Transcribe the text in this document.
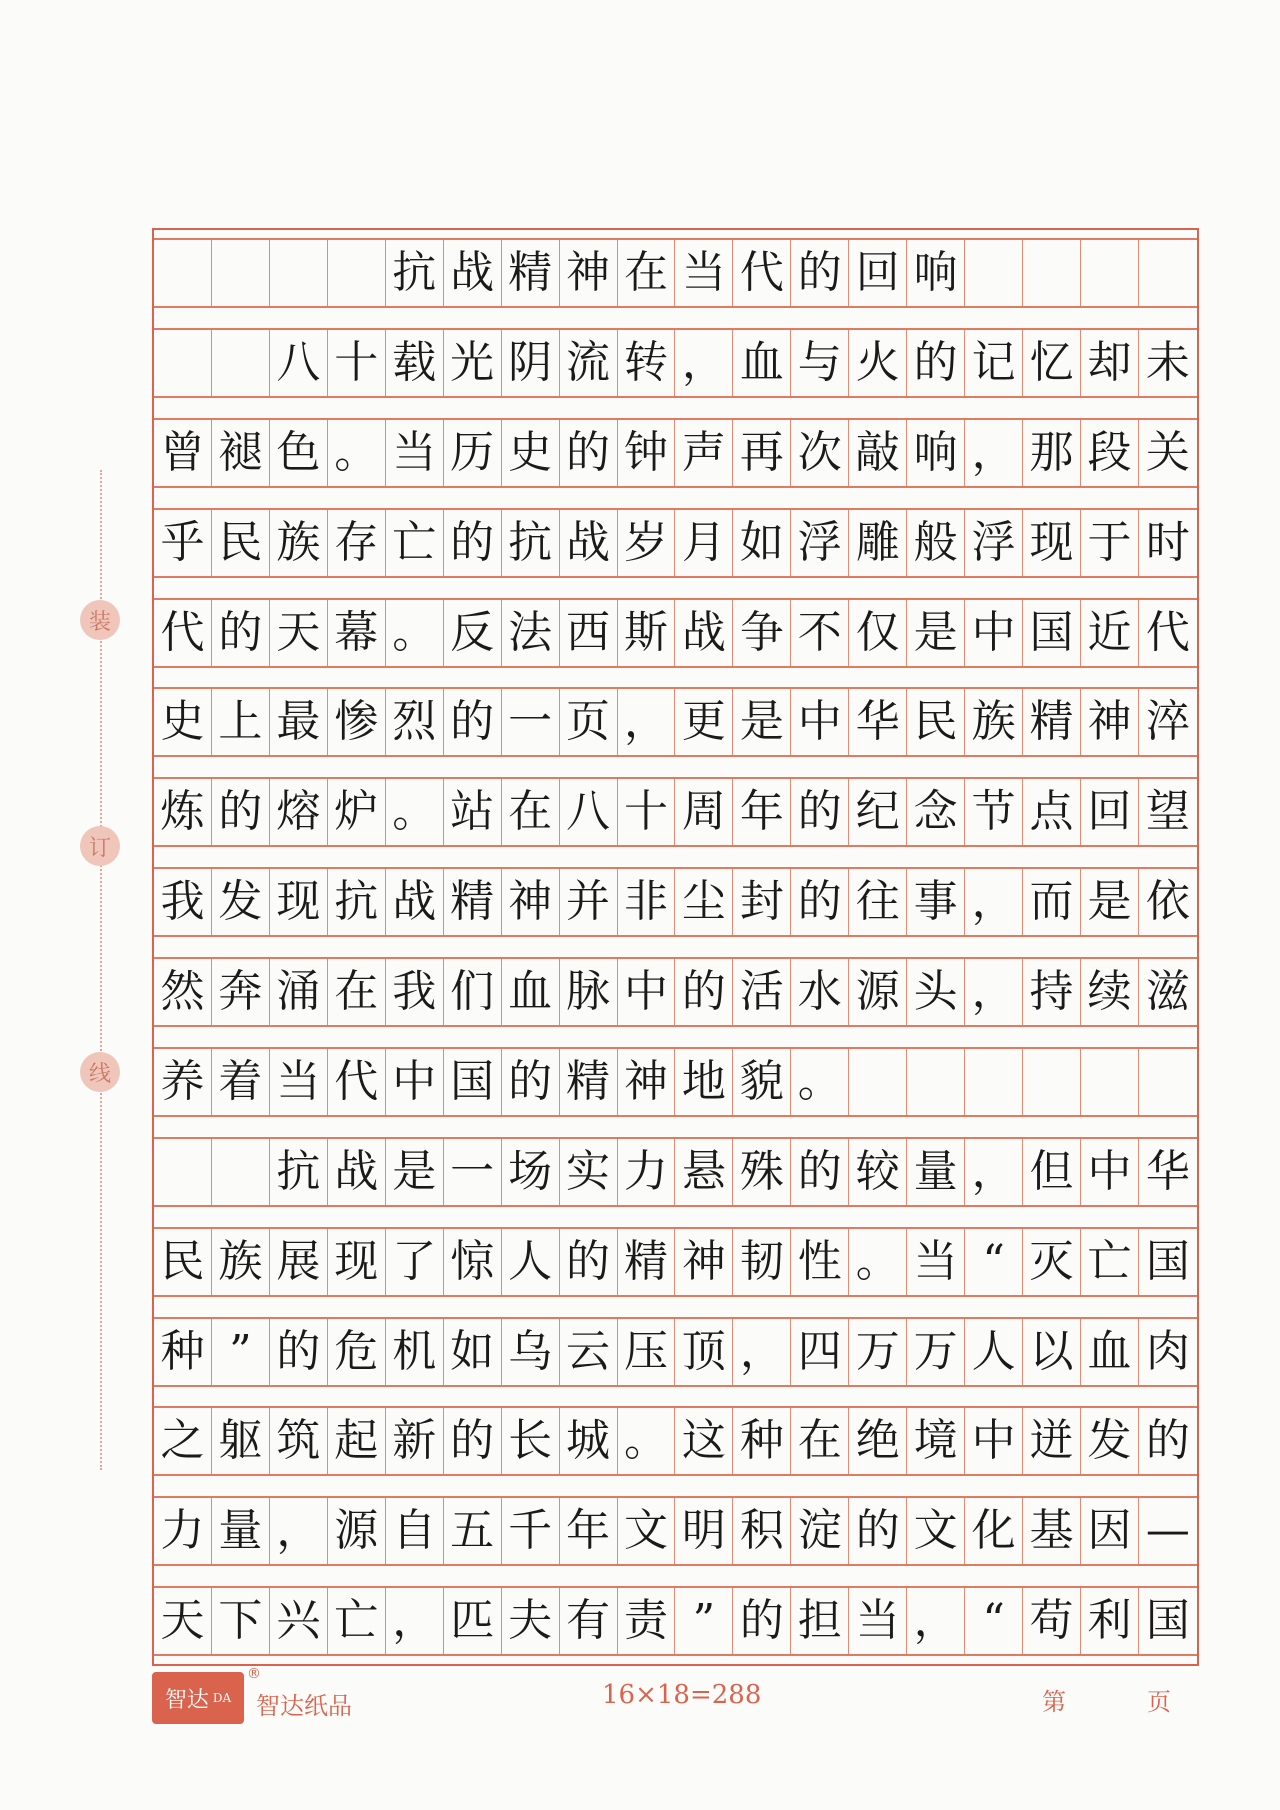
装
订
线
抗 战 精 神 在 当 代 的 回 响
八 十 载 光 阴 流 转 ， 血 与 火 的 记 忆 却 未
曾 褪 色 。 当 历 史 的 钟 声 再 次 敲 响 ， 那 段 关
乎 民 族 存 亡 的 抗 战 岁 月 如 浮 雕 般 浮 现 于 时
代 的 天 幕 。 反 法 西 斯 战 争 不 仅 是 中 国 近 代
史 上 最 惨 烈 的 一 页 ， 更 是 中 华 民 族 精 神 淬
炼 的 熔 炉 。 站 在 八 十 周 年 的 纪 念 节 点 回 望
我 发 现 抗 战 精 神 并 非 尘 封 的 往 事 ， 而 是 依
然 奔 涌 在 我 们 血 脉 中 的 活 水 源 头 ， 持 续 滋
养 着 当 代 中 国 的 精 神 地 貌 。
抗 战 是 一 场 实 力 悬 殊 的 较 量 ， 但 中 华
民 族 展 现 了 惊 人 的 精 神 韧 性 。 当 “ 灭 亡 国
种 ” 的 危 机 如 乌 云 压 顶 ， 四 万 万 人 以 血 肉
之 躯 筑 起 新 的 长 城 。 这 种 在 绝 境 中 迸 发 的
力 量 ， 源 自 五 千 年 文 明 积 淀 的 文 化 基 因 —
天 下 兴 亡 ， 匹 夫 有 责 ” 的 担 当 ， “ 苟 利 国
智达 DA
®
智达纸品	16×18=288	第	页
